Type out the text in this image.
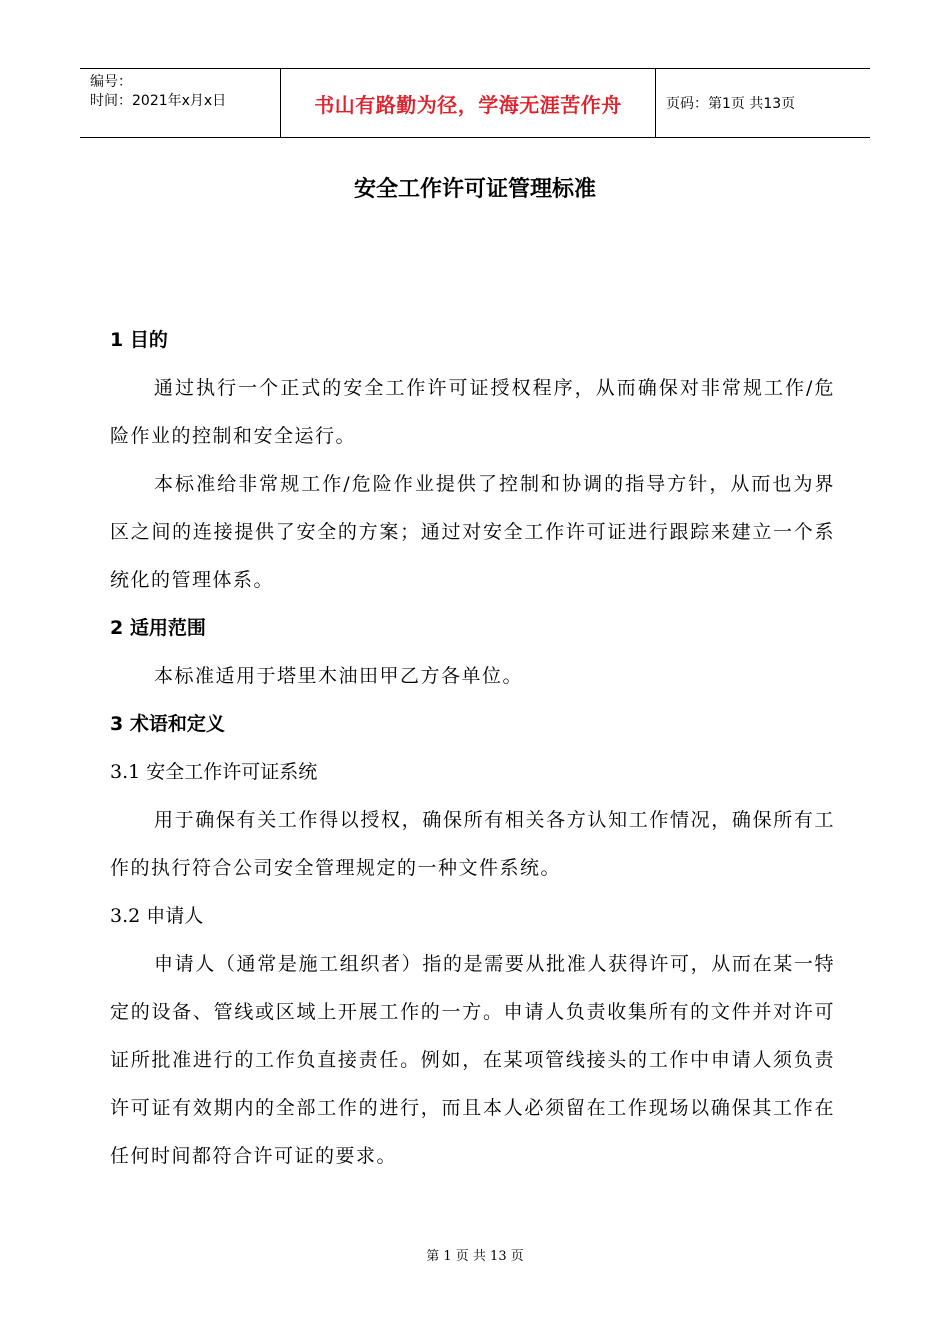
编号：
时间：2021年x月x日	书山有路勤为径，学海无涯苦作舟	页码：第1页 共13页
安全工作许可证管理标准

1 目的

通过执行一个正式的安全工作许可证授权程序，从而确保对非常规工作/危险作业的控制和安全运行。

本标准给非常规工作/危险作业提供了控制和协调的指导方针，从而也为界区之间的连接提供了安全的方案；通过对安全工作许可证进行跟踪来建立一个系统化的管理体系。

2 适用范围

本标准适用于塔里木油田甲乙方各单位。

3 术语和定义

3.1 安全工作许可证系统

用于确保有关工作得以授权，确保所有相关各方认知工作情况，确保所有工作的执行符合公司安全管理规定的一种文件系统。

3.2 申请人

申请人（通常是施工组织者）指的是需要从批准人获得许可，从而在某一特定的设备、管线或区域上开展工作的一方。申请人负责收集所有的文件并对许可证所批准进行的工作负直接责任。例如，在某项管线接头的工作中申请人须负责许可证有效期内的全部工作的进行，而且本人必须留在工作现场以确保其工作在任何时间都符合许可证的要求。

第 1 页 共 13 页
